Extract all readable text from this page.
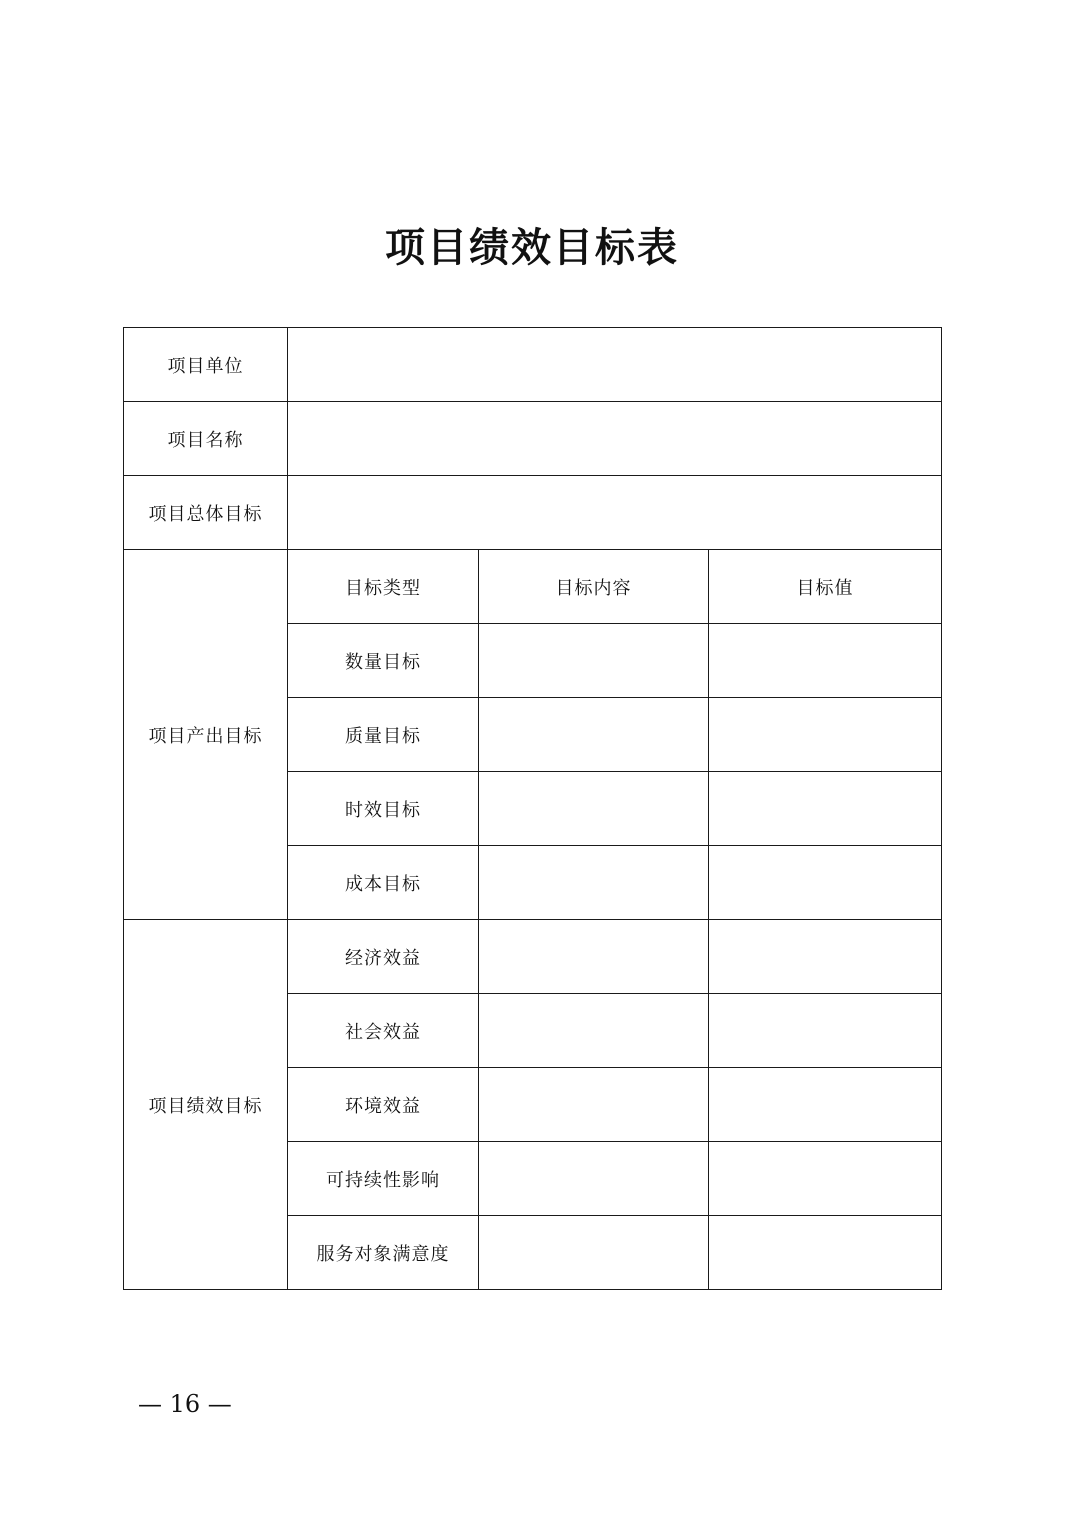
项目绩效目标表
项目单位			
项目名称			
项目总体目标			
项目产出目标	目标类型	目标内容	目标值
	数量目标		
	质量目标		
	时效目标		
	成本目标		
项目绩效目标	经济效益		
	社会效益		
	环境效益		
	可持续性影响		
	服务对象满意度		
— 16 —
